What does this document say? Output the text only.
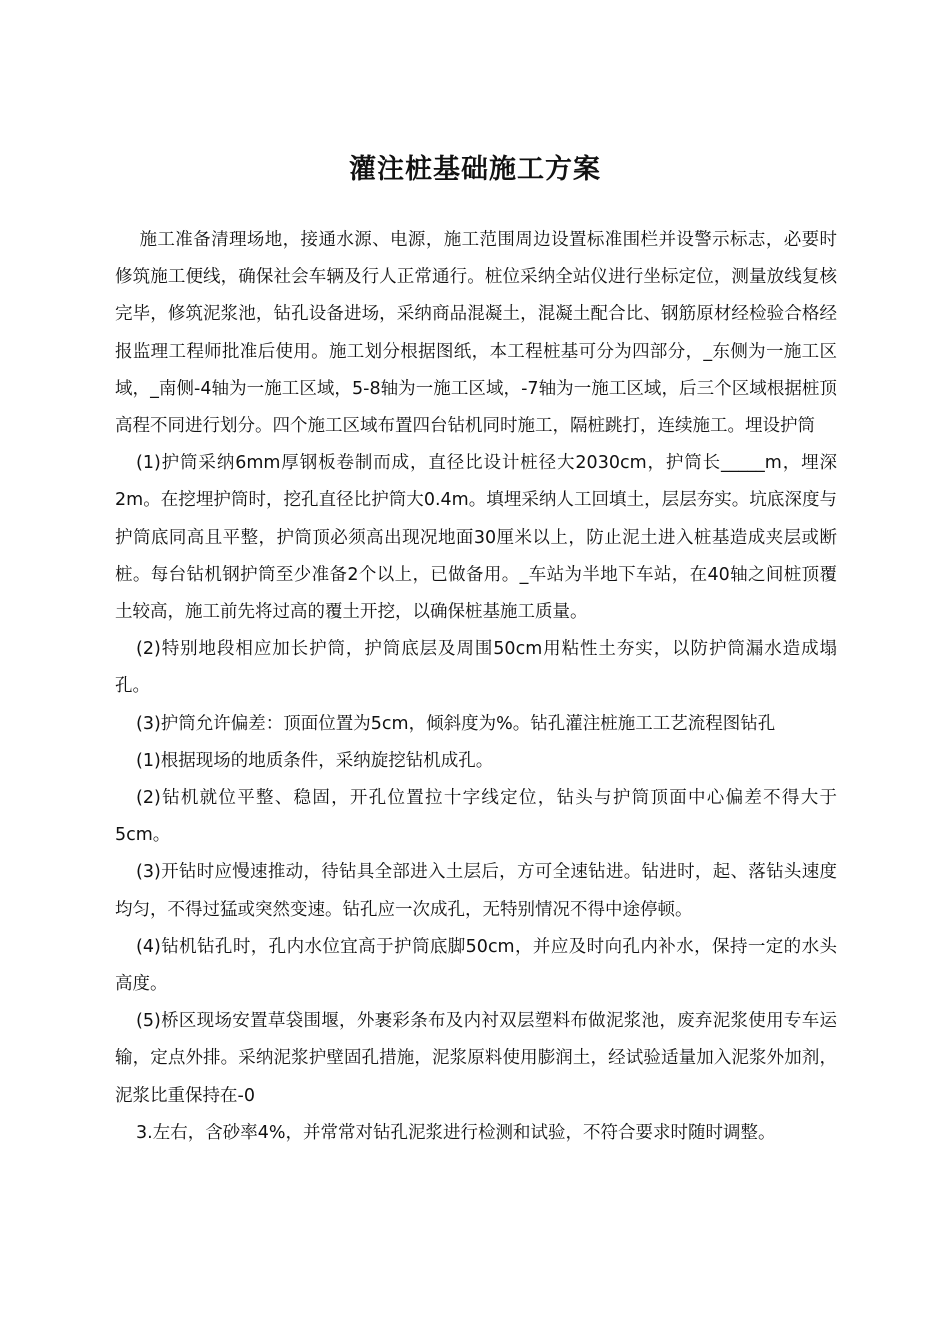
灌注桩基础施工方案

施工准备清理场地，接通水源、电源，施工范围周边设置标准围栏并设警示标志，必要时修筑施工便线，确保社会车辆及行人正常通行。桩位采纳全站仪进行坐标定位，测量放线复核完毕，修筑泥浆池，钻孔设备进场，采纳商品混凝土，混凝土配合比、钢筋原材经检验合格经报监理工程师批准后使用。施工划分根据图纸，本工程桩基可分为四部分，_东侧为一施工区域，_南侧-4轴为一施工区域，5-8轴为一施工区域，-7轴为一施工区域，后三个区域根据桩顶高程不同进行划分。四个施工区域布置四台钻机同时施工，隔桩跳打，连续施工。埋设护筒

(1)护筒采纳6mm厚钢板卷制而成，直径比设计桩径大2030cm，护筒长_____m，埋深2m。在挖埋护筒时，挖孔直径比护筒大0.4m。填埋采纳人工回填土，层层夯实。坑底深度与护筒底同高且平整，护筒顶必须高出现况地面30厘米以上，防止泥土进入桩基造成夹层或断桩。每台钻机钢护筒至少准备2个以上，已做备用。_车站为半地下车站，在40轴之间桩顶覆土较高，施工前先将过高的覆土开挖，以确保桩基施工质量。

(2)特别地段相应加长护筒，护筒底层及周围50cm用粘性土夯实，以防护筒漏水造成塌孔。

(3)护筒允许偏差：顶面位置为5cm，倾斜度为%。钻孔灌注桩施工工艺流程图钻孔

(1)根据现场的地质条件，采纳旋挖钻机成孔。

(2)钻机就位平整、稳固，开孔位置拉十字线定位，钻头与护筒顶面中心偏差不得大于5cm。

(3)开钻时应慢速推动，待钻具全部进入土层后，方可全速钻进。钻进时，起、落钻头速度均匀，不得过猛或突然变速。钻孔应一次成孔，无特别情况不得中途停顿。

(4)钻机钻孔时，孔内水位宜高于护筒底脚50cm，并应及时向孔内补水，保持一定的水头高度。

(5)桥区现场安置草袋围堰，外裹彩条布及内衬双层塑料布做泥浆池，废弃泥浆使用专车运输，定点外排。采纳泥浆护壁固孔措施，泥浆原料使用膨润土，经试验适量加入泥浆外加剂，泥浆比重保持在-0

3.左右，含砂率4%，并常常对钻孔泥浆进行检测和试验，不符合要求时随时调整。
